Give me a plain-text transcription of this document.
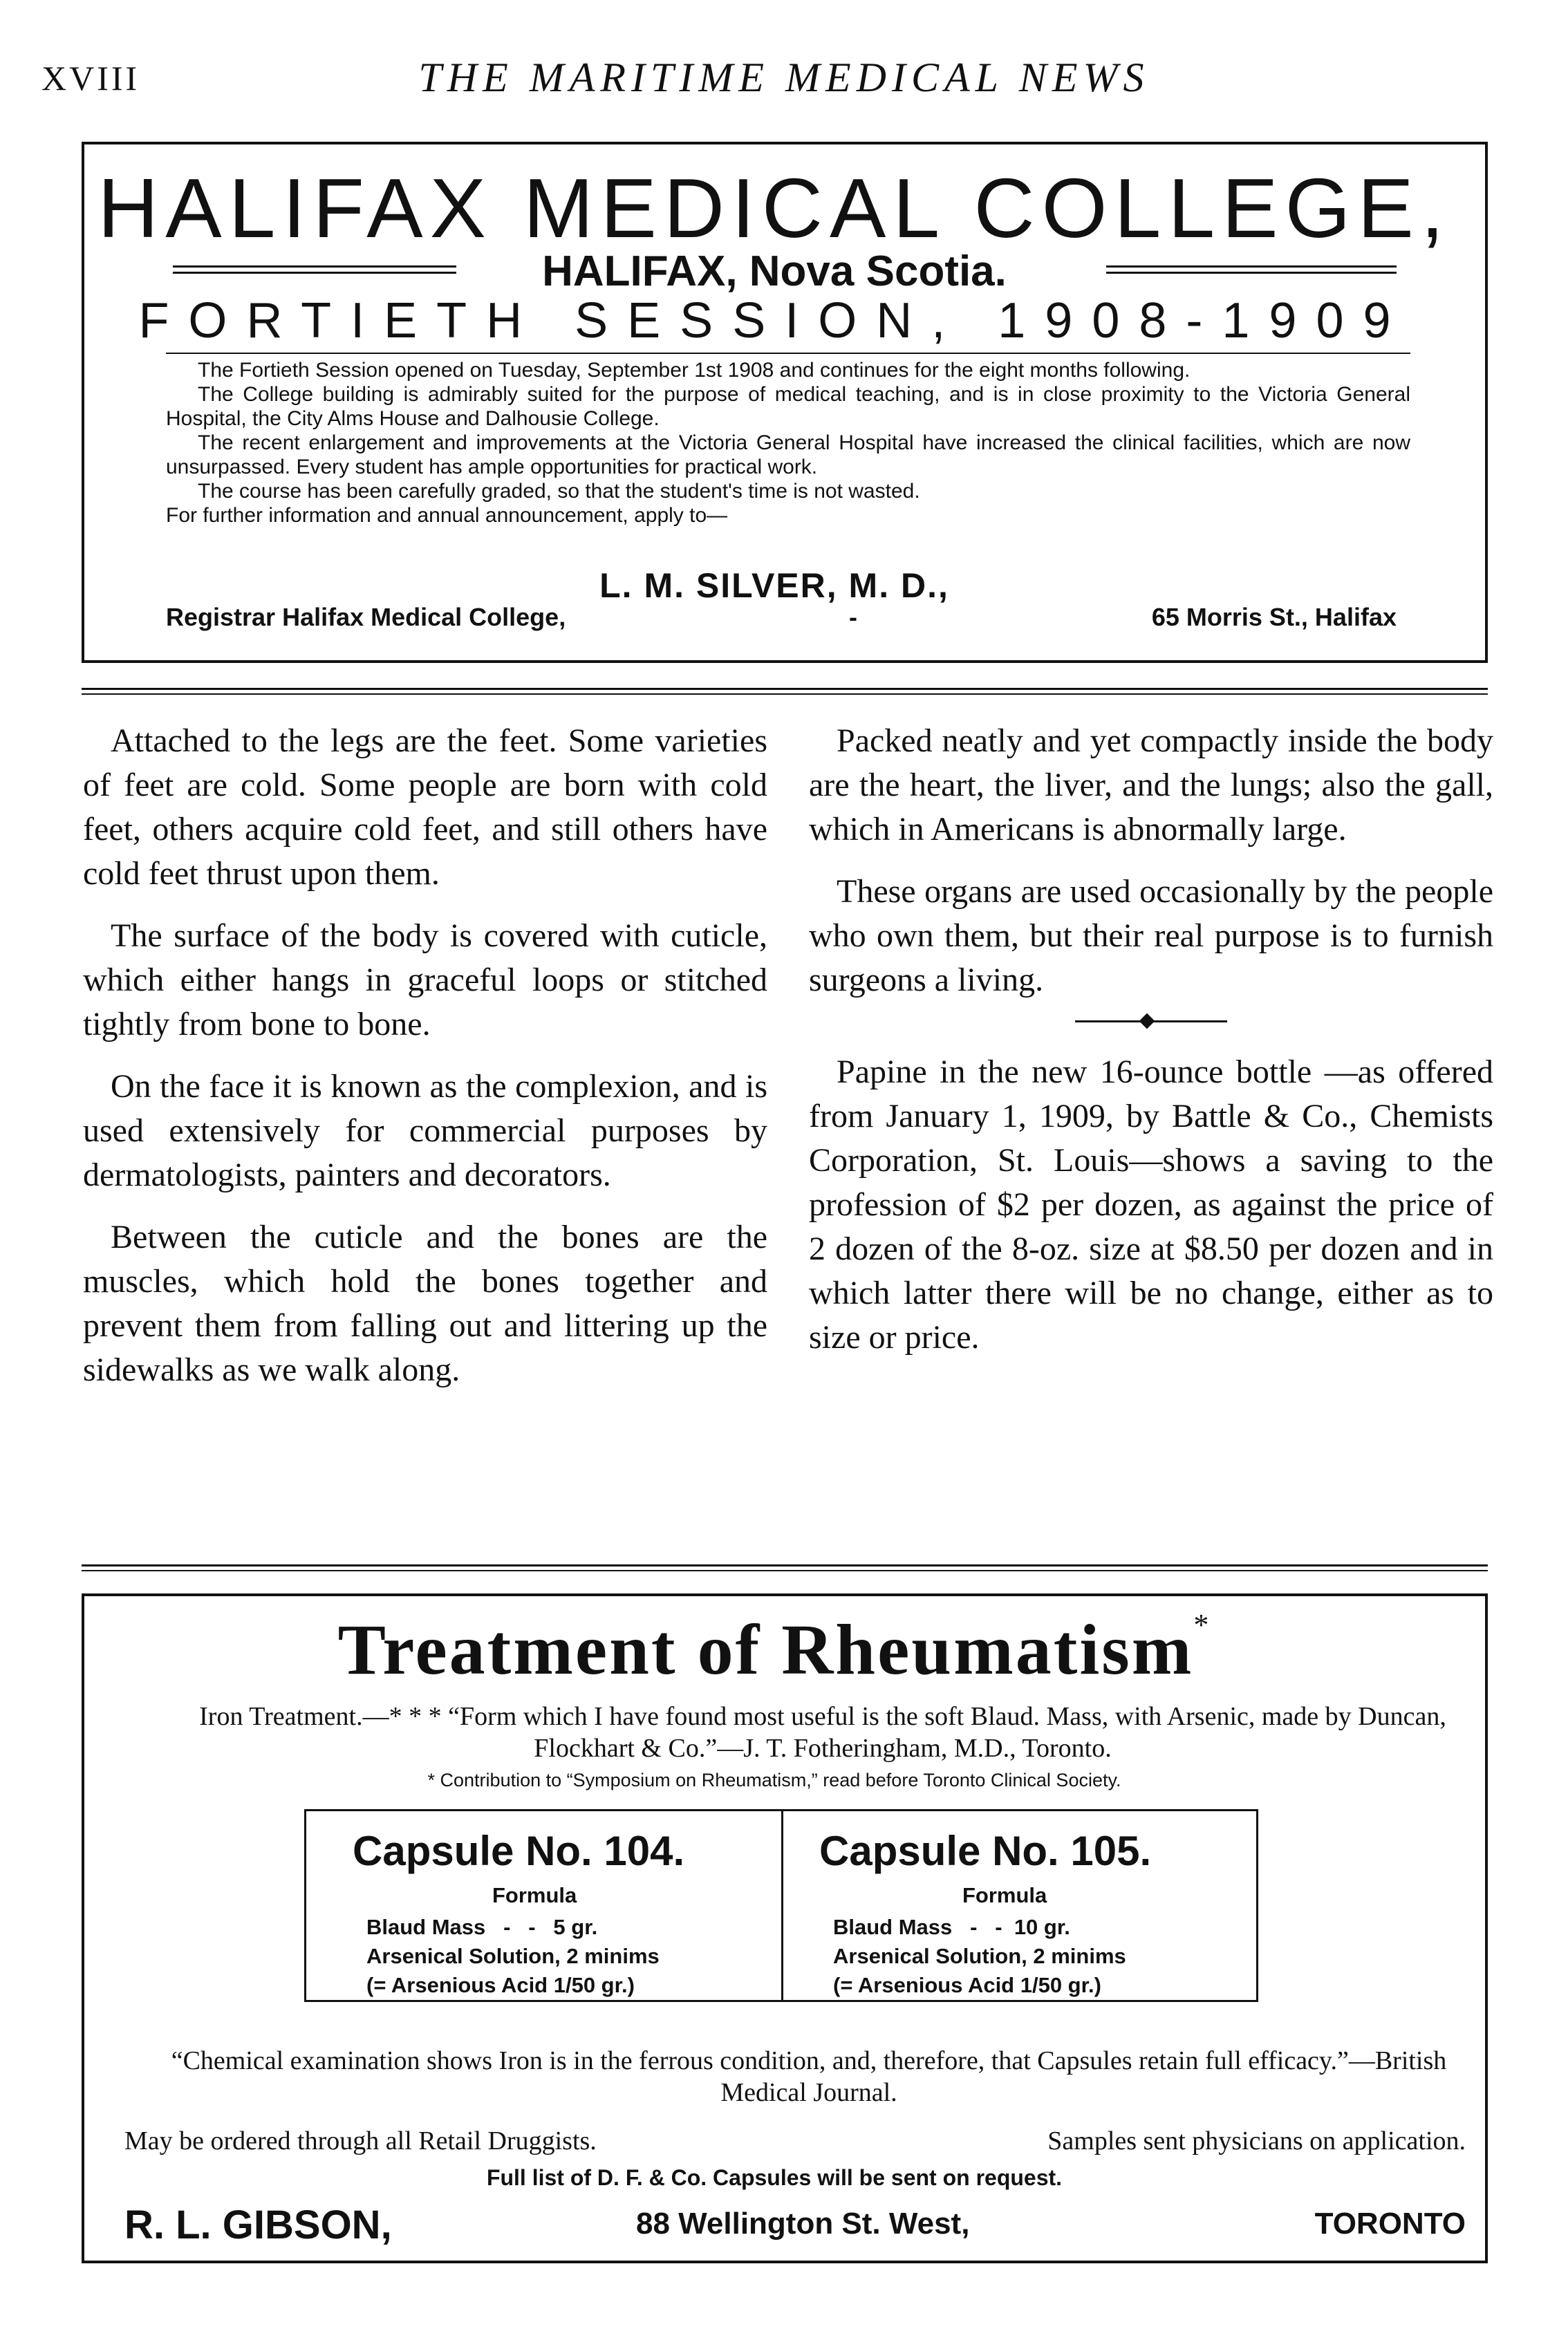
XVIII	THE MARITIME MEDICAL NEWS
HALIFAX MEDICAL COLLEGE,
HALIFAX, Nova Scotia.
FORTIETH SESSION, 1908-1909

The Fortieth Session opened on Tuesday, September 1st 1908 and continues for the eight months following.

The College building is admirably suited for the purpose of medical teaching, and is in close proximity to the Victoria General Hospital, the City Alms House and Dalhousie College.

The recent enlargement and improvements at the Victoria General Hospital have increased the clinical facilities, which are now unsurpassed. Every student has ample opportunities for practical work.

The course has been carefully graded, so that the student's time is not wasted.

For further information and annual announcement, apply to—

L. M. SILVER, M. D.,
Registrar Halifax Medical College,	-	65 Morris St., Halifax

Attached to the legs are the feet. Some varieties of feet are cold. Some people are born with cold feet, others acquire cold feet, and still others have cold feet thrust upon them.

The surface of the body is covered with cuticle, which either hangs in graceful loops or stitched tightly from bone to bone.

On the face it is known as the complexion, and is used extensively for commercial purposes by dermatologists, painters and decorators.

Between the cuticle and the bones are the muscles, which hold the bones together and prevent them from falling out and littering up the sidewalks as we walk along.

Packed neatly and yet compactly inside the body are the heart, the liver, and the lungs; also the gall, which in Americans is abnormally large.

These organs are used occasionally by the people who own them, but their real purpose is to furnish surgeons a living.

Papine in the new 16-ounce bottle —as offered from January 1, 1909, by Battle & Co., Chemists Corporation, St. Louis—shows a saving to the profession of $2 per dozen, as against the price of 2 dozen of the 8-oz. size at $8.50 per dozen and in which latter there will be no change, either as to size or price.

Treatment of Rheumatism*
Iron Treatment.—* * * “Form which I have found most useful is the soft Blaud. Mass, with Arsenic, made by Duncan, Flockhart & Co.”—J. T. Fotheringham, M.D., Toronto.
* Contribution to “Symposium on Rheumatism,” read before Toronto Clinical Society.
Capsule No. 104.
Formula
Blaud Mass   -   -   5 gr.
Arsenical Solution, 2 minims
(= Arsenious Acid 1/50 gr.)
Capsule No. 105.
Formula
Blaud Mass   -   -  10 gr.
Arsenical Solution, 2 minims
(= Arsenious Acid 1/50 gr.)
“Chemical examination shows Iron is in the ferrous condition, and, therefore, that Capsules retain full efficacy.”—British Medical Journal.
May be ordered through all Retail Druggists.	Samples sent physicians on application.
Full list of D. F. & Co. Capsules will be sent on request.
R. L. GIBSON,	88 Wellington St. West,	TORONTO
